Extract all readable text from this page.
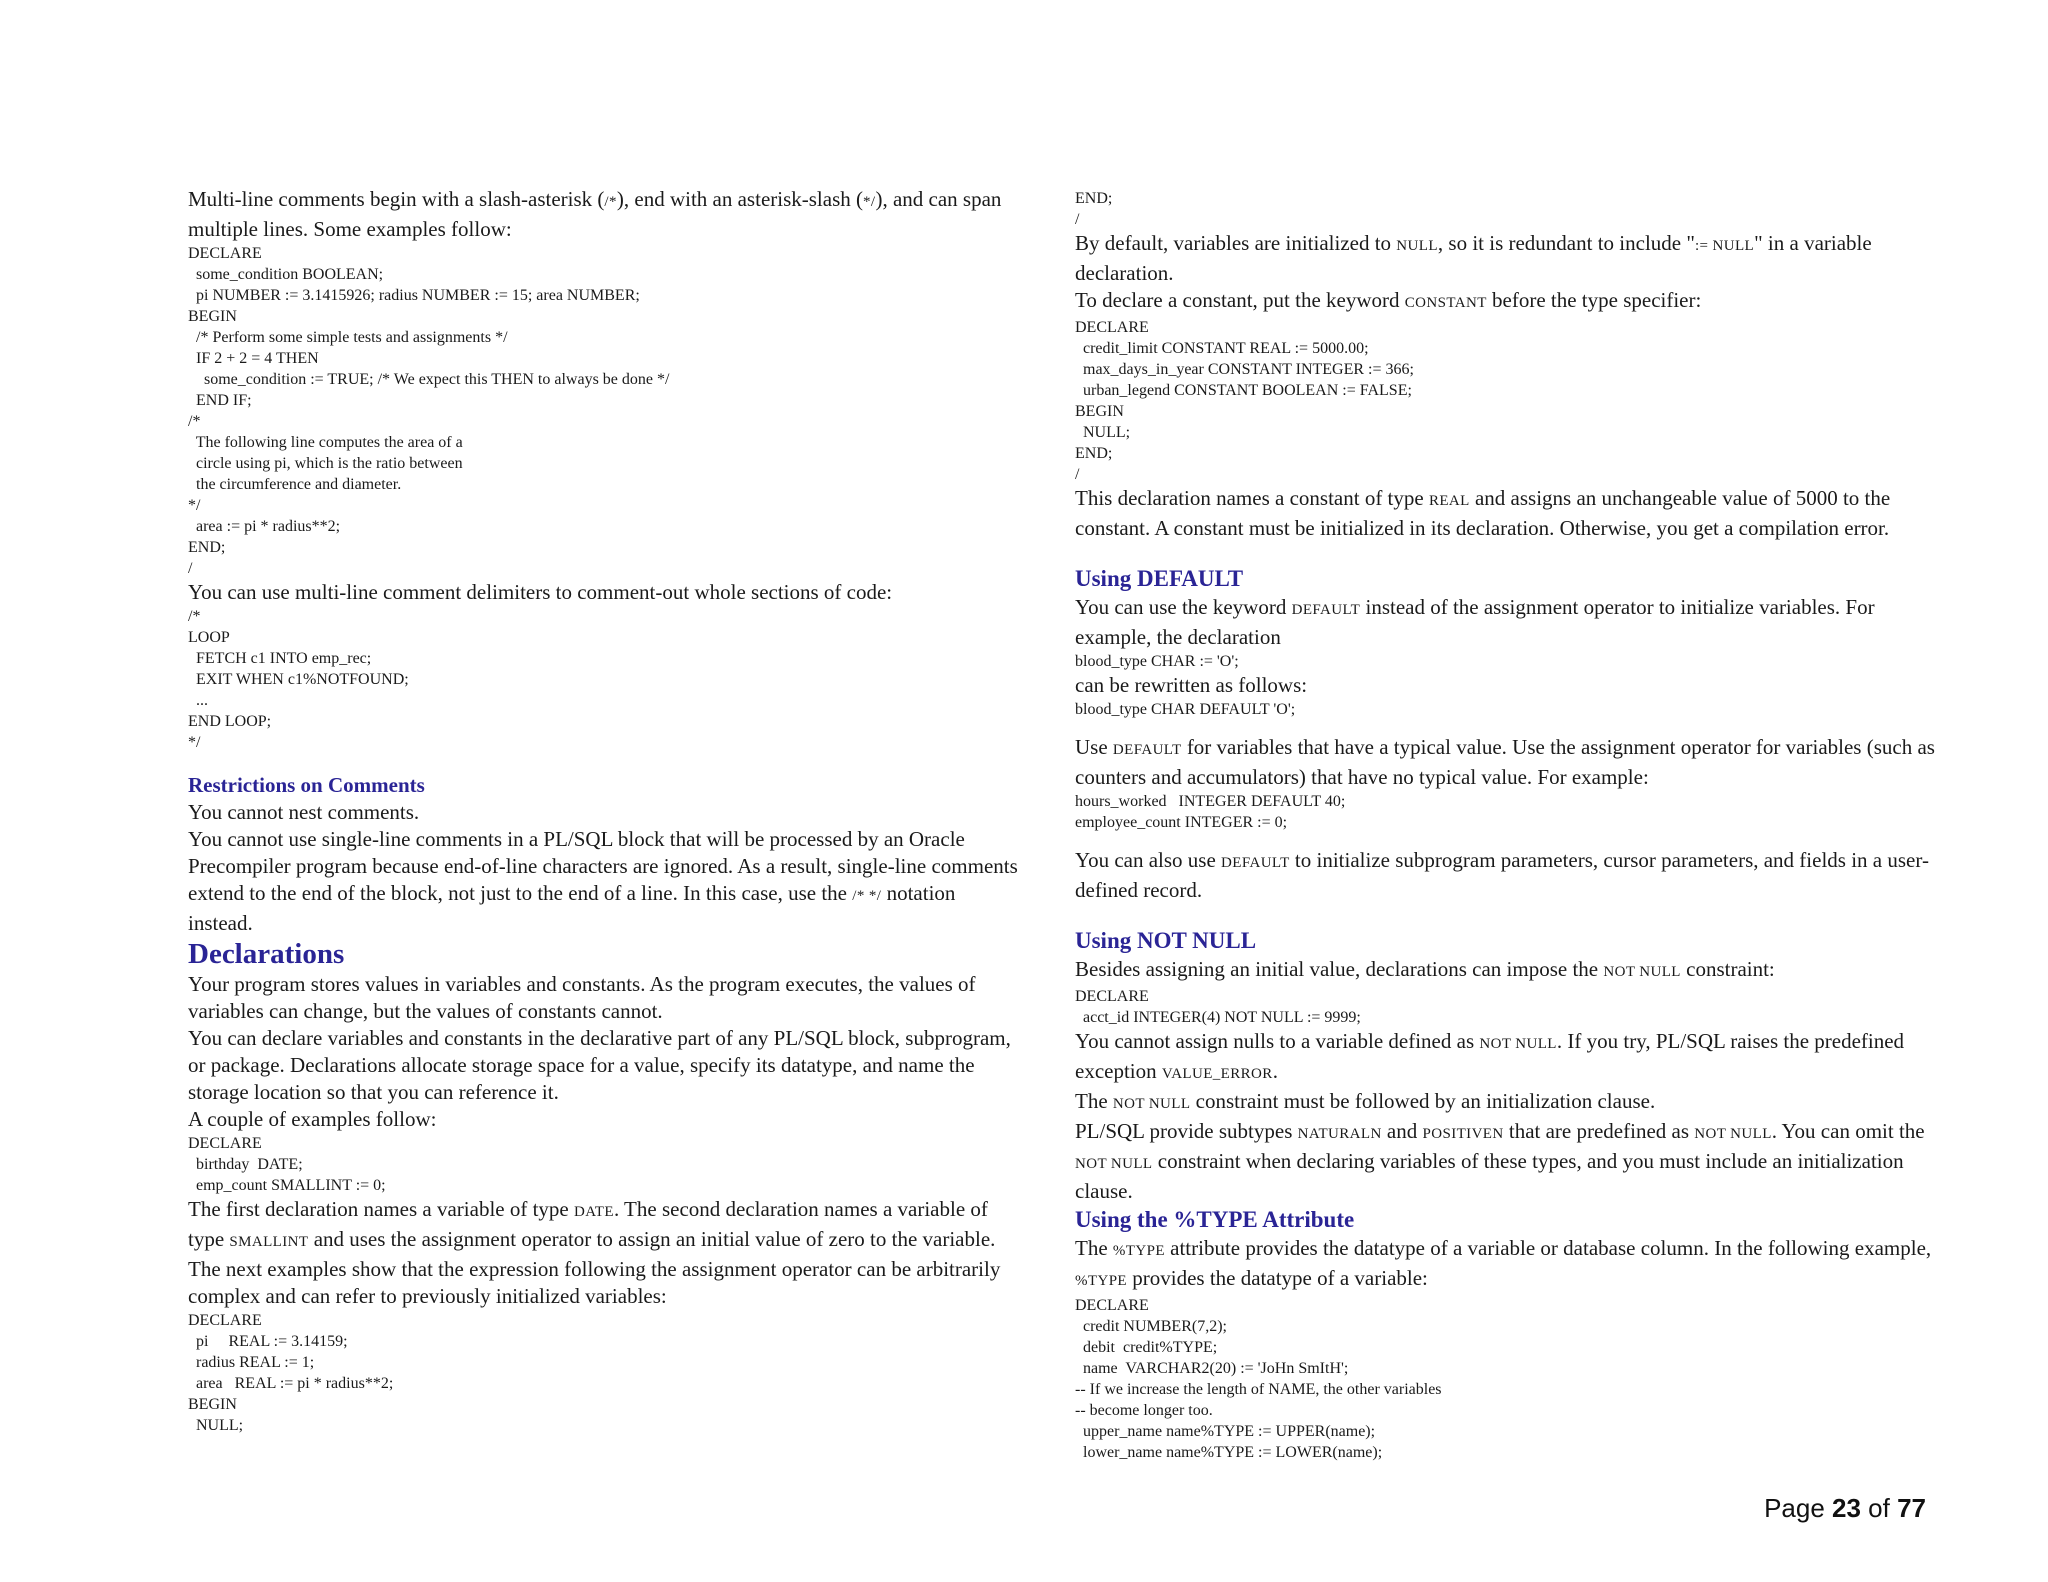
Multi-line comments begin with a slash-asterisk (/*), end with an asterisk-slash (*/), and can span multiple lines. Some examples follow:
DECLARE
some_condition BOOLEAN;
pi NUMBER := 3.1415926; radius NUMBER := 15; area NUMBER;
BEGIN
/* Perform some simple tests and assignments */
IF 2 + 2 = 4 THEN
some_condition := TRUE; /* We expect this THEN to always be done */
END IF;
/*
The following line computes the area of a
circle using pi, which is the ratio between
the circumference and diameter.
*/
area := pi * radius**2;
END;
/
You can use multi-line comment delimiters to comment-out whole sections of code:
/*
LOOP
FETCH c1 INTO emp_rec;
EXIT WHEN c1%NOTFOUND;
...
END LOOP;
*/
Restrictions on Comments
You cannot nest comments.
You cannot use single-line comments in a PL/SQL block that will be processed by an Oracle Precompiler program because end-of-line characters are ignored. As a result, single-line comments extend to the end of the block, not just to the end of a line. In this case, use the /* */ notation instead.
Declarations
Your program stores values in variables and constants. As the program executes, the values of variables can change, but the values of constants cannot.
You can declare variables and constants in the declarative part of any PL/SQL block, subprogram, or package. Declarations allocate storage space for a value, specify its datatype, and name the storage location so that you can reference it.
A couple of examples follow:
DECLARE
birthday  DATE;
emp_count SMALLINT := 0;
The first declaration names a variable of type DATE. The second declaration names a variable of type SMALLINT and uses the assignment operator to assign an initial value of zero to the variable.
The next examples show that the expression following the assignment operator can be arbitrarily complex and can refer to previously initialized variables:
DECLARE
pi     REAL := 3.14159;
radius REAL := 1;
area   REAL := pi * radius**2;
BEGIN
NULL;
END;
/
By default, variables are initialized to NULL, so it is redundant to include ":= NULL" in a variable declaration.
To declare a constant, put the keyword CONSTANT before the type specifier:
DECLARE
credit_limit CONSTANT REAL := 5000.00;
max_days_in_year CONSTANT INTEGER := 366;
urban_legend CONSTANT BOOLEAN := FALSE;
BEGIN
NULL;
END;
/
This declaration names a constant of type REAL and assigns an unchangeable value of 5000 to the constant. A constant must be initialized in its declaration. Otherwise, you get a compilation error.
Using DEFAULT
You can use the keyword DEFAULT instead of the assignment operator to initialize variables. For example, the declaration
blood_type CHAR := 'O';
can be rewritten as follows:
blood_type CHAR DEFAULT 'O';
Use DEFAULT for variables that have a typical value. Use the assignment operator for variables (such as counters and accumulators) that have no typical value. For example:
hours_worked   INTEGER DEFAULT 40;
employee_count INTEGER := 0;
You can also use DEFAULT to initialize subprogram parameters, cursor parameters, and fields in a user-defined record.
Using NOT NULL
Besides assigning an initial value, declarations can impose the NOT NULL constraint:
DECLARE
acct_id INTEGER(4) NOT NULL := 9999;
You cannot assign nulls to a variable defined as NOT NULL. If you try, PL/SQL raises the predefined exception VALUE_ERROR.
The NOT NULL constraint must be followed by an initialization clause.
PL/SQL provide subtypes NATURALN and POSITIVEN that are predefined as NOT NULL. You can omit the NOT NULL constraint when declaring variables of these types, and you must include an initialization clause.
Using the %TYPE Attribute
The %TYPE attribute provides the datatype of a variable or database column. In the following example, %TYPE provides the datatype of a variable:
DECLARE
credit NUMBER(7,2);
debit  credit%TYPE;
name  VARCHAR2(20) := 'JoHn SmItH';
-- If we increase the length of NAME, the other variables
-- become longer too.
upper_name name%TYPE := UPPER(name);
lower_name name%TYPE := LOWER(name);
Page 23 of 77
